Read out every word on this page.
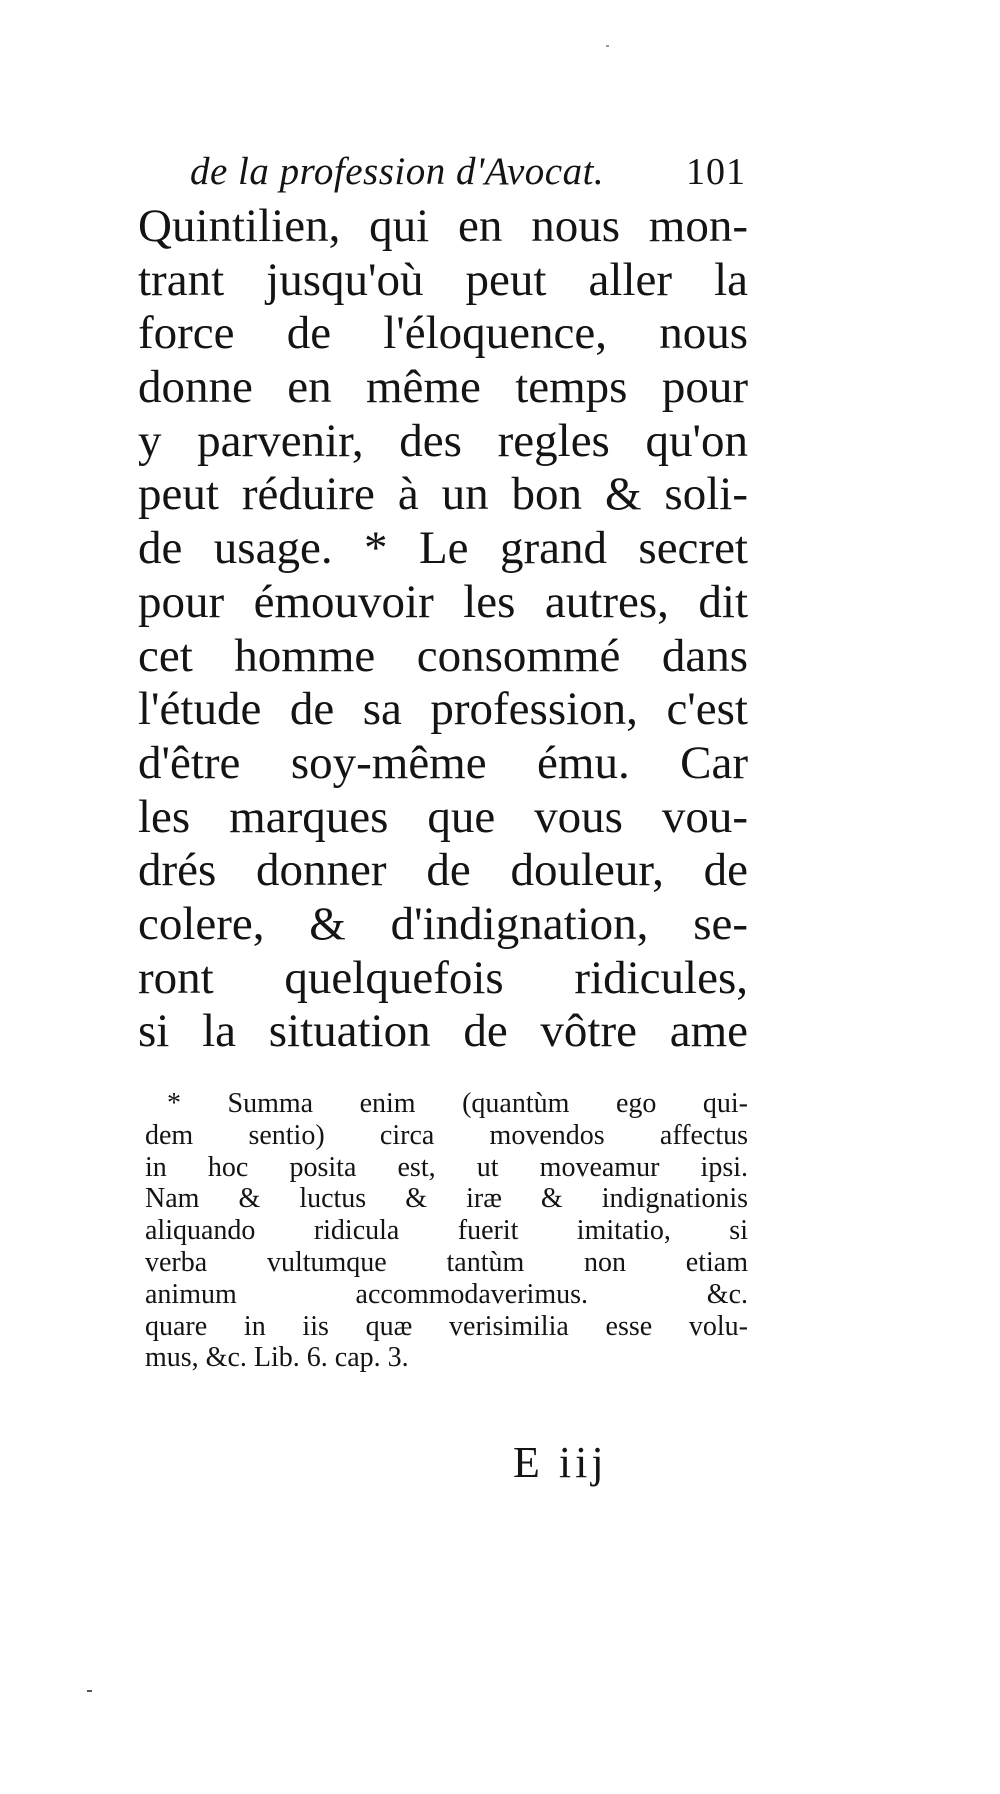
de la profession d'Avocat. 101
Quintilien, qui en nous mon-
trant jusqu'où peut aller la
force de l'éloquence, nous
donne en même temps pour
y parvenir, des regles qu'on
peut réduire à un bon & soli-
de usage. * Le grand secret
pour émouvoir les autres, dit
cet homme consommé dans
l'étude de sa profession, c'est
d'être soy-même ému. Car
les marques que vous vou-
drés donner de douleur, de
colere, & d'indignation, se-
ront quelquefois ridicules,
si la situation de vôtre ame
* Summa enim (quantùm ego qui-
dem sentio) circa movendos affectus
in hoc posita est, ut moveamur ipsi.
Nam & luctus & iræ & indignationis
aliquando ridicula fuerit imitatio, si
verba vultumque tantùm non etiam
animum accommodaverimus. &c.
quare in iis quæ verisimilia esse volu-
mus, &c. Lib. 6. cap. 3.
E iij
